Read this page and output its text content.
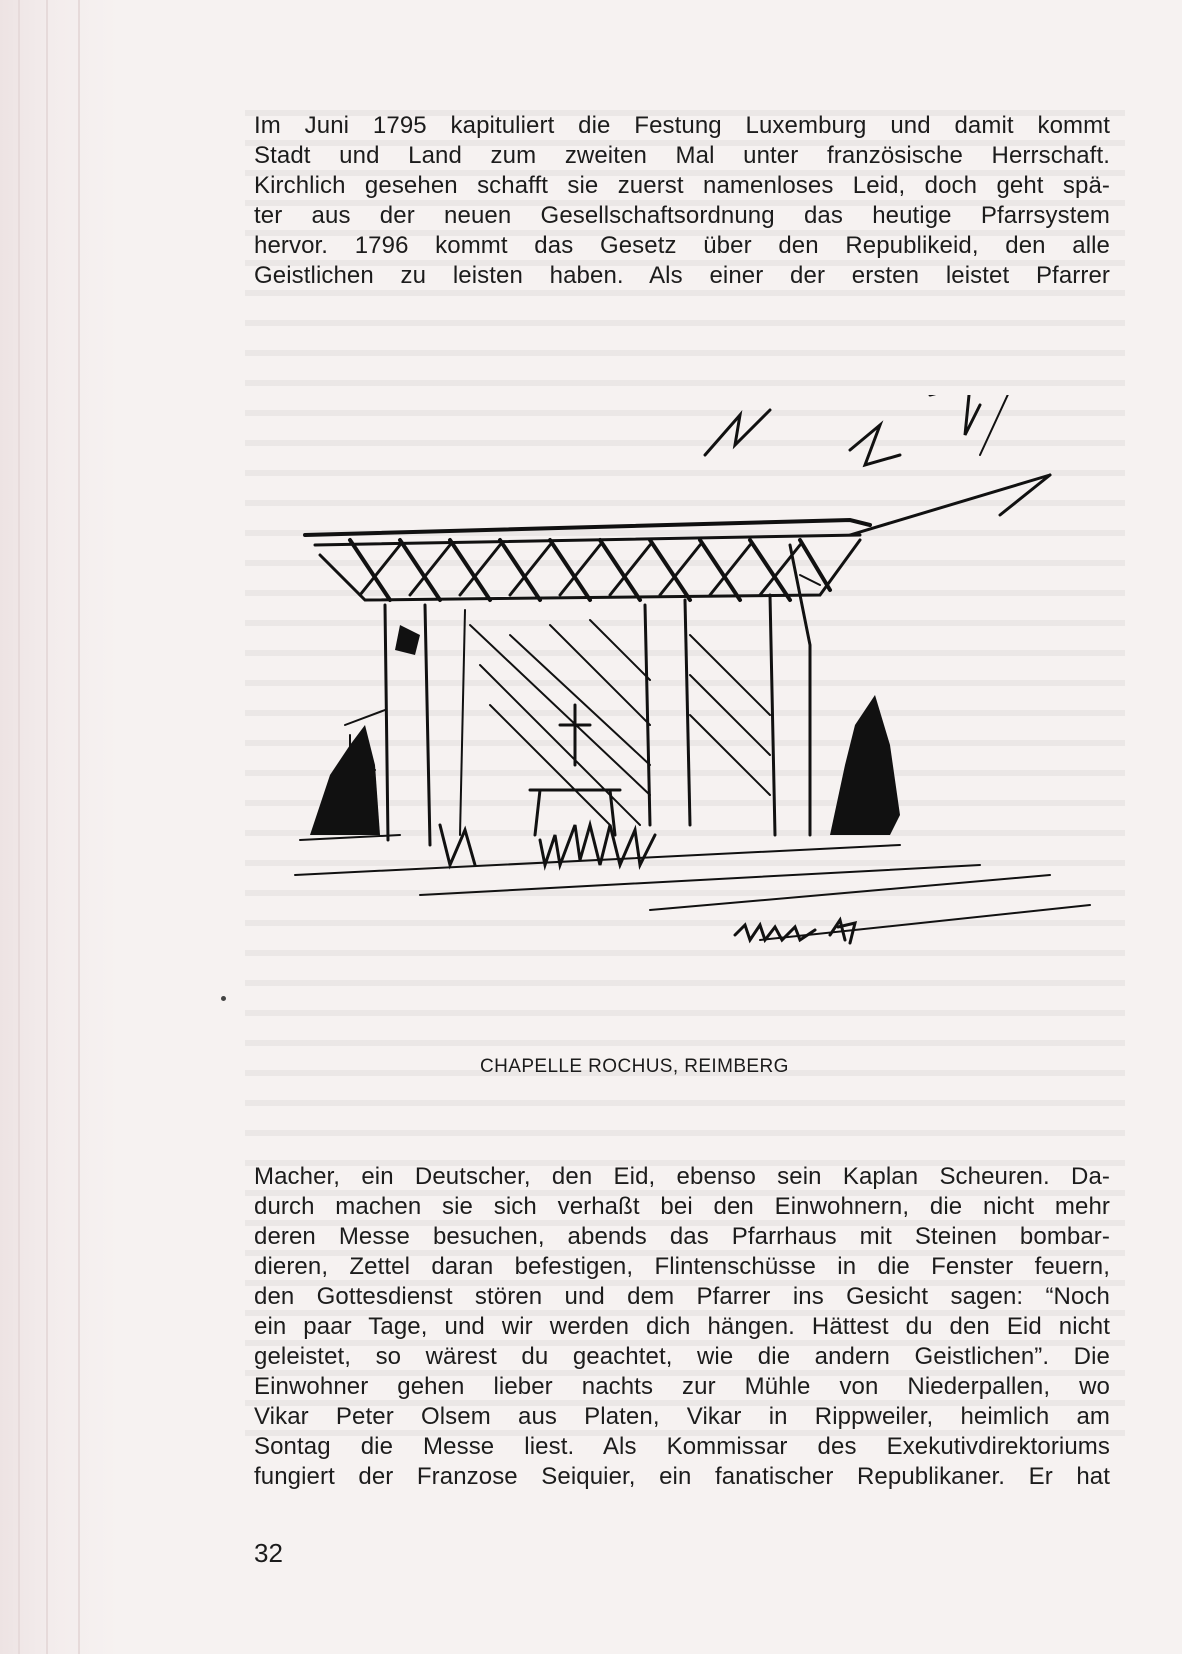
Im Juni 1795 kapituliert die Festung Luxemburg und damit kommt
Stadt und Land zum zweiten Mal unter französische Herrschaft.
Kirchlich gesehen schafft sie zuerst namenloses Leid, doch geht spä-
ter aus der neuen Gesellschaftsordnung das heutige Pfarrsystem
hervor. 1796 kommt das Gesetz über den Republikeid, den alle
Geistlichen zu leisten haben. Als einer der ersten leistet Pfarrer
Mann 72
CHAPELLE ROCHUS, REIMBERG
Macher, ein Deutscher, den Eid, ebenso sein Kaplan Scheuren. Da-
durch machen sie sich verhaßt bei den Einwohnern, die nicht mehr
deren Messe besuchen, abends das Pfarrhaus mit Steinen bombar-
dieren, Zettel daran befestigen, Flintenschüsse in die Fenster feuern,
den Gottesdienst stören und dem Pfarrer ins Gesicht sagen: “Noch
ein paar Tage, und wir werden dich hängen. Hättest du den Eid nicht
geleistet, so wärest du geachtet, wie die andern Geistlichen”. Die
Einwohner gehen lieber nachts zur Mühle von Niederpallen, wo
Vikar Peter Olsem aus Platen, Vikar in Rippweiler, heimlich am
Sontag die Messe liest. Als Kommissar des Exekutivdirektoriums
fungiert der Franzose Seiquier, ein fanatischer Republikaner. Er hat
32
